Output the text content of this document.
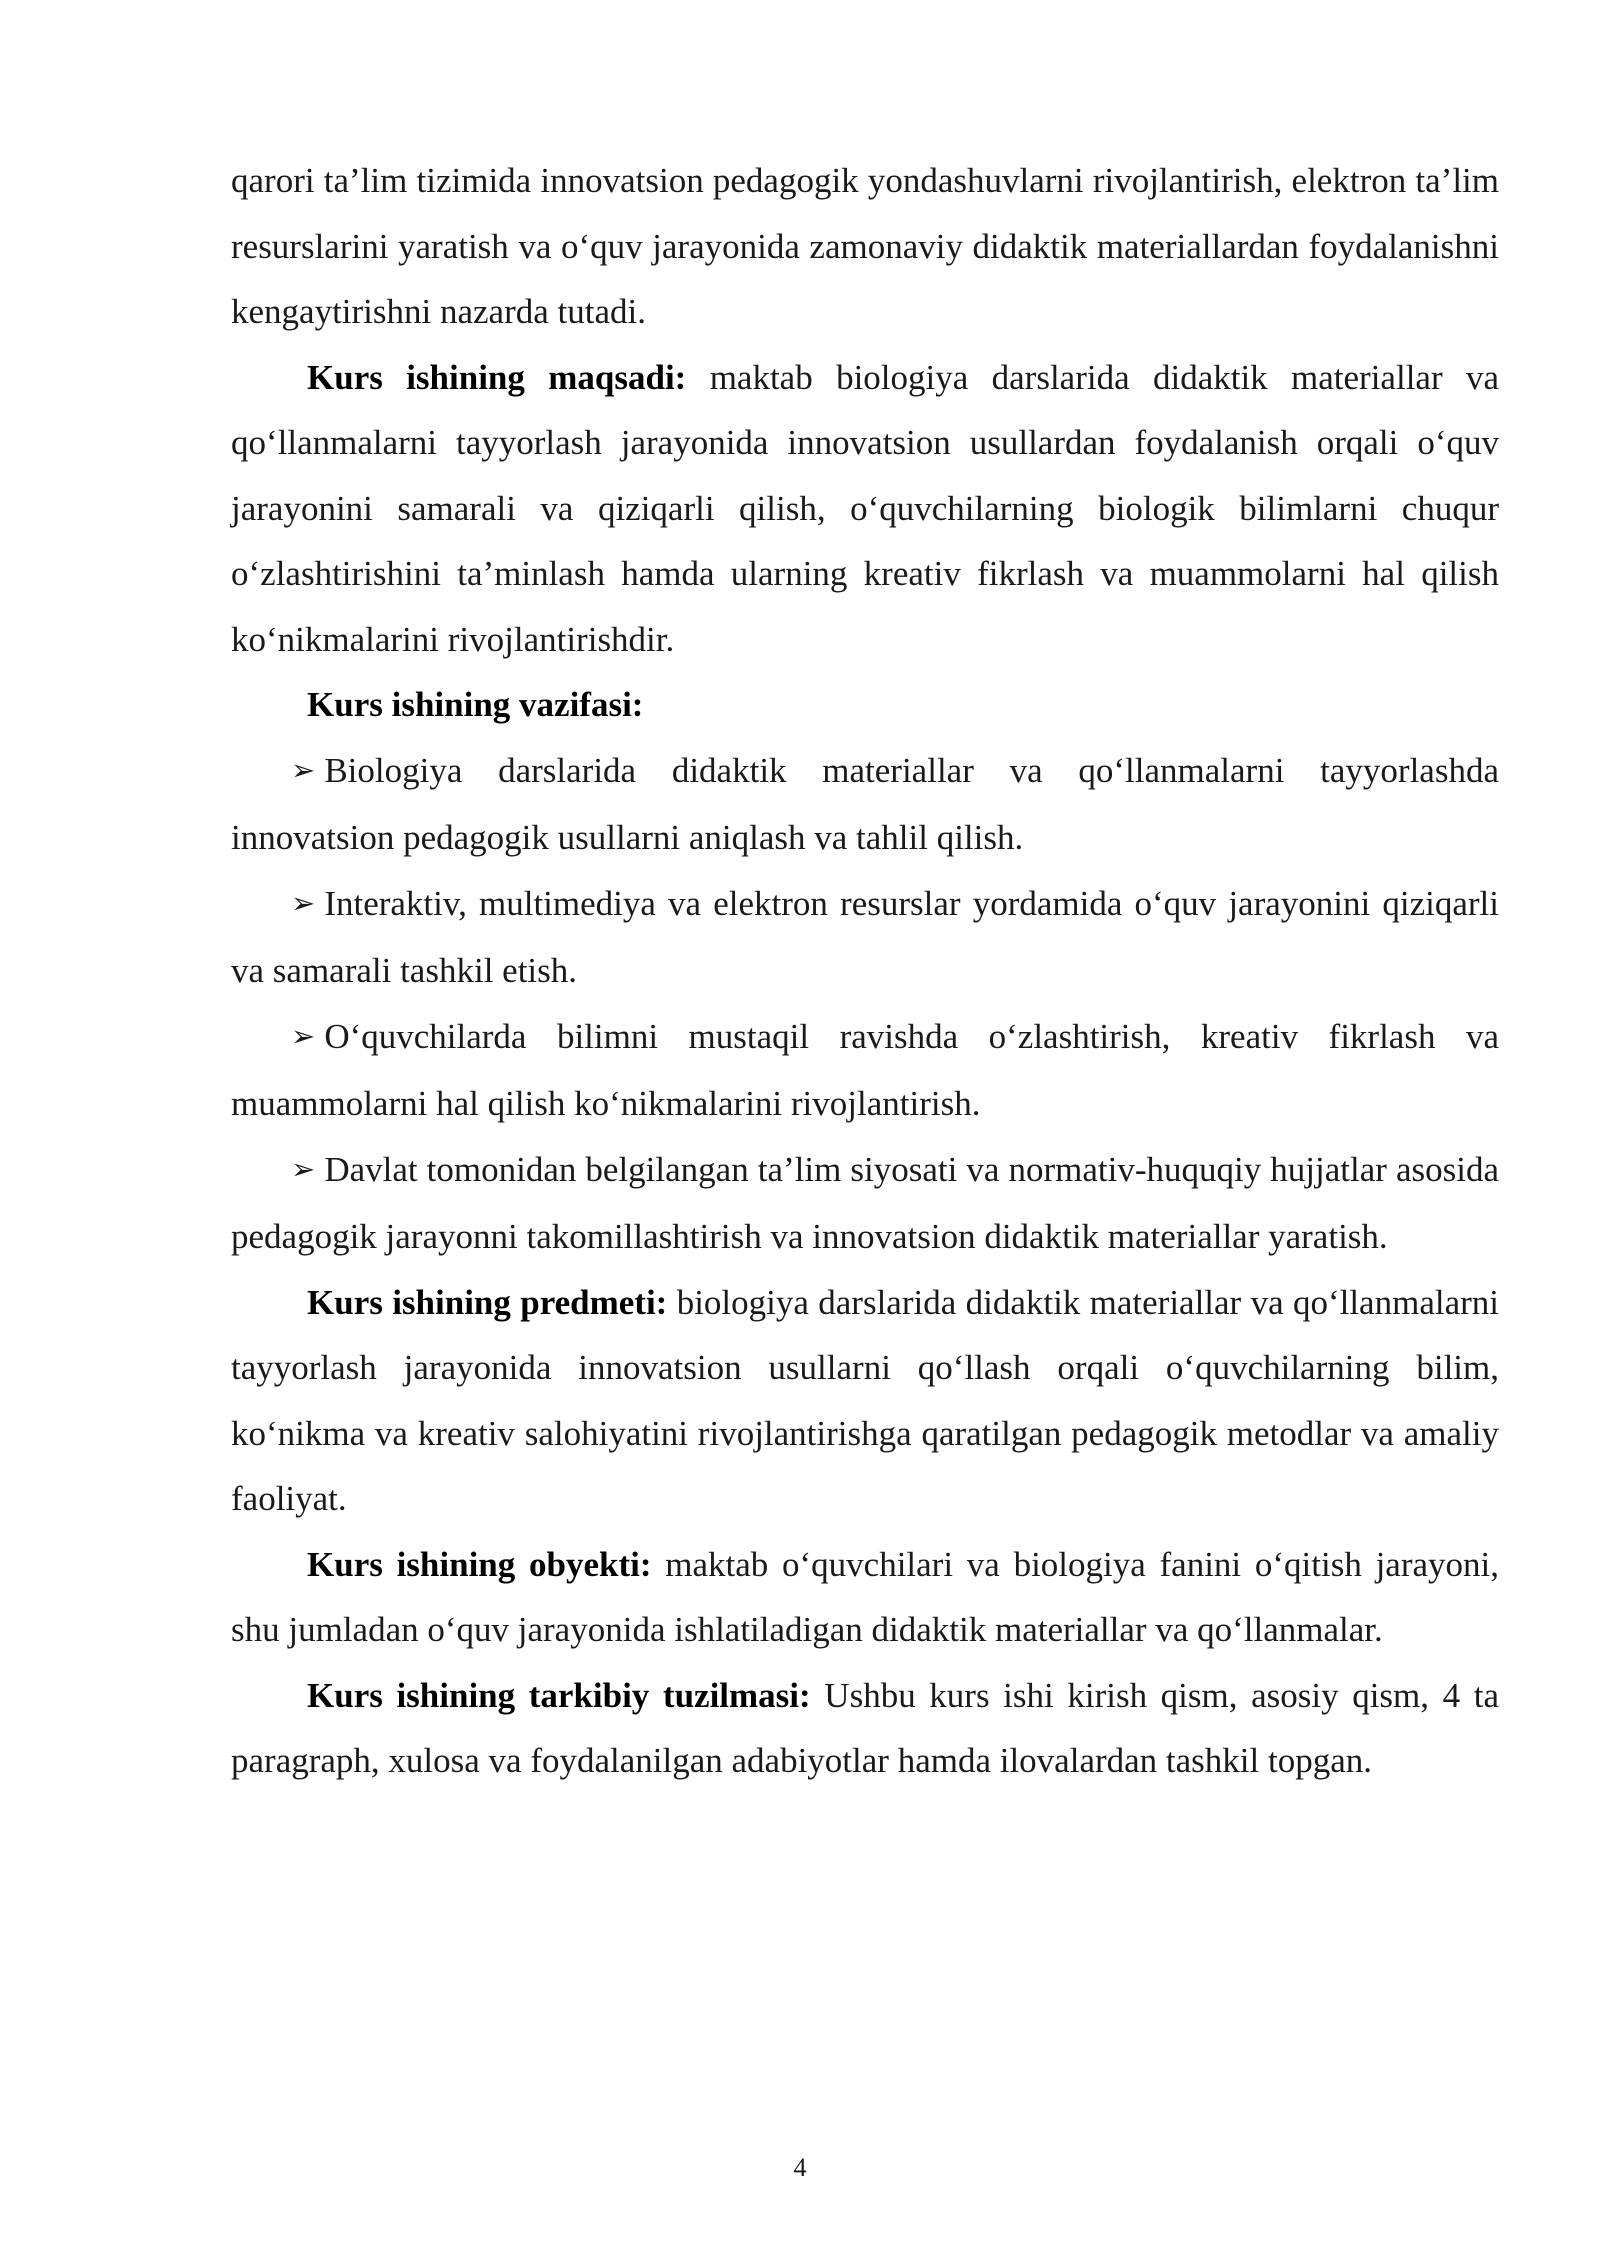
qarori ta’lim tizimida innovatsion pedagogik yondashuvlarni rivojlantirish, elektron ta’lim resurslarini yaratish va o‘quv jarayonida zamonaviy didaktik materiallardan foydalanishni kengaytirishni nazarda tutadi.

Kurs ishining maqsadi: maktab biologiya darslarida didaktik materiallar va qo‘llanmalarni tayyorlash jarayonida innovatsion usullardan foydalanish orqali o‘quv jarayonini samarali va qiziqarli qilish, o‘quvchilarning biologik bilimlarni chuqur o‘zlashtirishini ta’minlash hamda ularning kreativ fikrlash va muammolarni hal qilish ko‘nikmalarini rivojlantirishdir.

Kurs ishining vazifasi:

➢ Biologiya darslarida didaktik materiallar va qo‘llanmalarni tayyorlashda innovatsion pedagogik usullarni aniqlash va tahlil qilish.

➢ Interaktiv, multimediya va elektron resurslar yordamida o‘quv jarayonini qiziqarli va samarali tashkil etish.

➢ O‘quvchilarda bilimni mustaqil ravishda o‘zlashtirish, kreativ fikrlash va muammolarni hal qilish ko‘nikmalarini rivojlantirish.

➢ Davlat tomonidan belgilangan ta’lim siyosati va normativ-huquqiy hujjatlar asosida pedagogik jarayonni takomillashtirish va innovatsion didaktik materiallar yaratish.

Kurs ishining predmeti: biologiya darslarida didaktik materiallar va qo‘llanmalarni tayyorlash jarayonida innovatsion usullarni qo‘llash orqali o‘quvchilarning bilim, ko‘nikma va kreativ salohiyatini rivojlantirishga qaratilgan pedagogik metodlar va amaliy faoliyat.

Kurs ishining obyekti: maktab o‘quvchilari va biologiya fanini o‘qitish jarayoni, shu jumladan o‘quv jarayonida ishlatiladigan didaktik materiallar va qo‘llanmalar.

Kurs ishining tarkibiy tuzilmasi: Ushbu kurs ishi kirish qism, asosiy qism, 4 ta paragraph, xulosa va foydalanilgan adabiyotlar hamda ilovalardan tashkil topgan.

4
